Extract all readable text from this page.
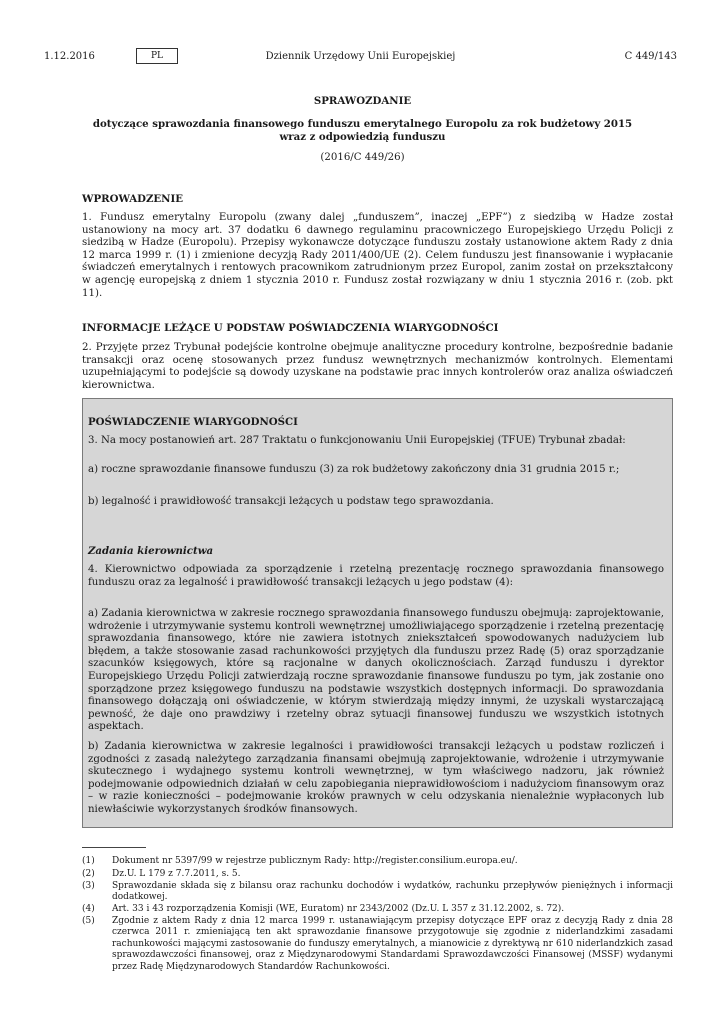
1.12.2016	PL	Dziennik Urzędowy Unii Europejskiej	C 449/143
SPRAWOZDANIE
dotyczące sprawozdania finansowego funduszu emerytalnego Europolu za rok budżetowy 2015
wraz z odpowiedzią funduszu
(2016/C 449/26)
WPROWADZENIE
1. Fundusz emerytalny Europolu (zwany dalej „funduszem”, inaczej „EPF”) z siedzibą w Hadze został ustanowiony na mocy art. 37 dodatku 6 dawnego regulaminu pracowniczego Europejskiego Urzędu Policji z siedzibą w Hadze (Europolu). Przepisy wykonawcze dotyczące funduszu zostały ustanowione aktem Rady z dnia 12 marca 1999 r. (1) i zmienione decyzją Rady 2011/400/UE (2). Celem funduszu jest finansowanie i wypłacanie świadczeń emerytalnych i rentowych pracownikom zatrudnionym przez Europol, zanim został on przekształcony w agencję europejską z dniem 1 stycznia 2010 r. Fundusz został rozwiązany w dniu 1 stycznia 2016 r. (zob. pkt 11).
INFORMACJE LEŻĄCE U PODSTAW POŚWIADCZENIA WIARYGODNOŚCI
2. Przyjęte przez Trybunał podejście kontrolne obejmuje analityczne procedury kontrolne, bezpośrednie badanie transakcji oraz ocenę stosowanych przez fundusz wewnętrznych mechanizmów kontrolnych. Elementami uzupełniającymi to podejście są dowody uzyskane na podstawie prac innych kontrolerów oraz analiza oświadczeń kierownictwa.
POŚWIADCZENIE WIARYGODNOŚCI
3. Na mocy postanowień art. 287 Traktatu o funkcjonowaniu Unii Europejskiej (TFUE) Trybunał zbadał:
a) roczne sprawozdanie finansowe funduszu (3) za rok budżetowy zakończony dnia 31 grudnia 2015 r.;
b) legalność i prawidłowość transakcji leżących u podstaw tego sprawozdania.
Zadania kierownictwa
4. Kierownictwo odpowiada za sporządzenie i rzetelną prezentację rocznego sprawozdania finansowego funduszu oraz za legalność i prawidłowość transakcji leżących u jego podstaw (4):
a) Zadania kierownictwa w zakresie rocznego sprawozdania finansowego funduszu obejmują: zaprojektowanie, wdrożenie i utrzymywanie systemu kontroli wewnętrznej umożliwiającego sporządzenie i rzetelną prezentację sprawozdania finansowego, które nie zawiera istotnych zniekształceń spowodowanych nadużyciem lub błędem, a także stosowanie zasad rachunkowości przyjętych dla funduszu przez Radę (5) oraz sporządzanie szacunków księgowych, które są racjonalne w danych okolicznościach. Zarząd funduszu i dyrektor Europejskiego Urzędu Policji zatwierdzają roczne sprawozdanie finansowe funduszu po tym, jak zostanie ono sporządzone przez księgowego funduszu na podstawie wszystkich dostępnych informacji. Do sprawozdania finansowego dołączają oni oświadczenie, w którym stwierdzają między innymi, że uzyskali wystarczającą pewność, że daje ono prawdziwy i rzetelny obraz sytuacji finansowej funduszu we wszystkich istotnych aspektach.
b) Zadania kierownictwa w zakresie legalności i prawidłowości transakcji leżących u podstaw rozliczeń i zgodności z zasadą należytego zarządzania finansami obejmują zaprojektowanie, wdrożenie i utrzymywanie skutecznego i wydajnego systemu kontroli wewnętrznej, w tym właściwego nadzoru, jak również podejmowanie odpowiednich działań w celu zapobiegania nieprawidłowościom i nadużyciom finansowym oraz – w razie konieczności – podejmowanie kroków prawnych w celu odzyskania nienależnie wypłaconych lub niewłaściwie wykorzystanych środków finansowych.
(1) Dokument nr 5397/99 w rejestrze publicznym Rady: http://register.consilium.europa.eu/.
(2) Dz.U. L 179 z 7.7.2011, s. 5.
(3) Sprawozdanie składa się z bilansu oraz rachunku dochodów i wydatków, rachunku przepływów pieniężnych i informacji dodatkowej.
(4) Art. 33 i 43 rozporządzenia Komisji (WE, Euratom) nr 2343/2002 (Dz.U. L 357 z 31.12.2002, s. 72).
(5) Zgodnie z aktem Rady z dnia 12 marca 1999 r. ustanawiającym przepisy dotyczące EPF oraz z decyzją Rady z dnia 28 czerwca 2011 r. zmieniającą ten akt sprawozdanie finansowe przygotowuje się zgodnie z niderlandzkimi zasadami rachunkowości mającymi zastosowanie do funduszy emerytalnych, a mianowicie z dyrektywą nr 610 niderlandzkich zasad sprawozdawczości finansowej, oraz z Międzynarodowymi Standardami Sprawozdawczości Finansowej (MSSF) wydanymi przez Radę Międzynarodowych Standardów Rachunkowości.
